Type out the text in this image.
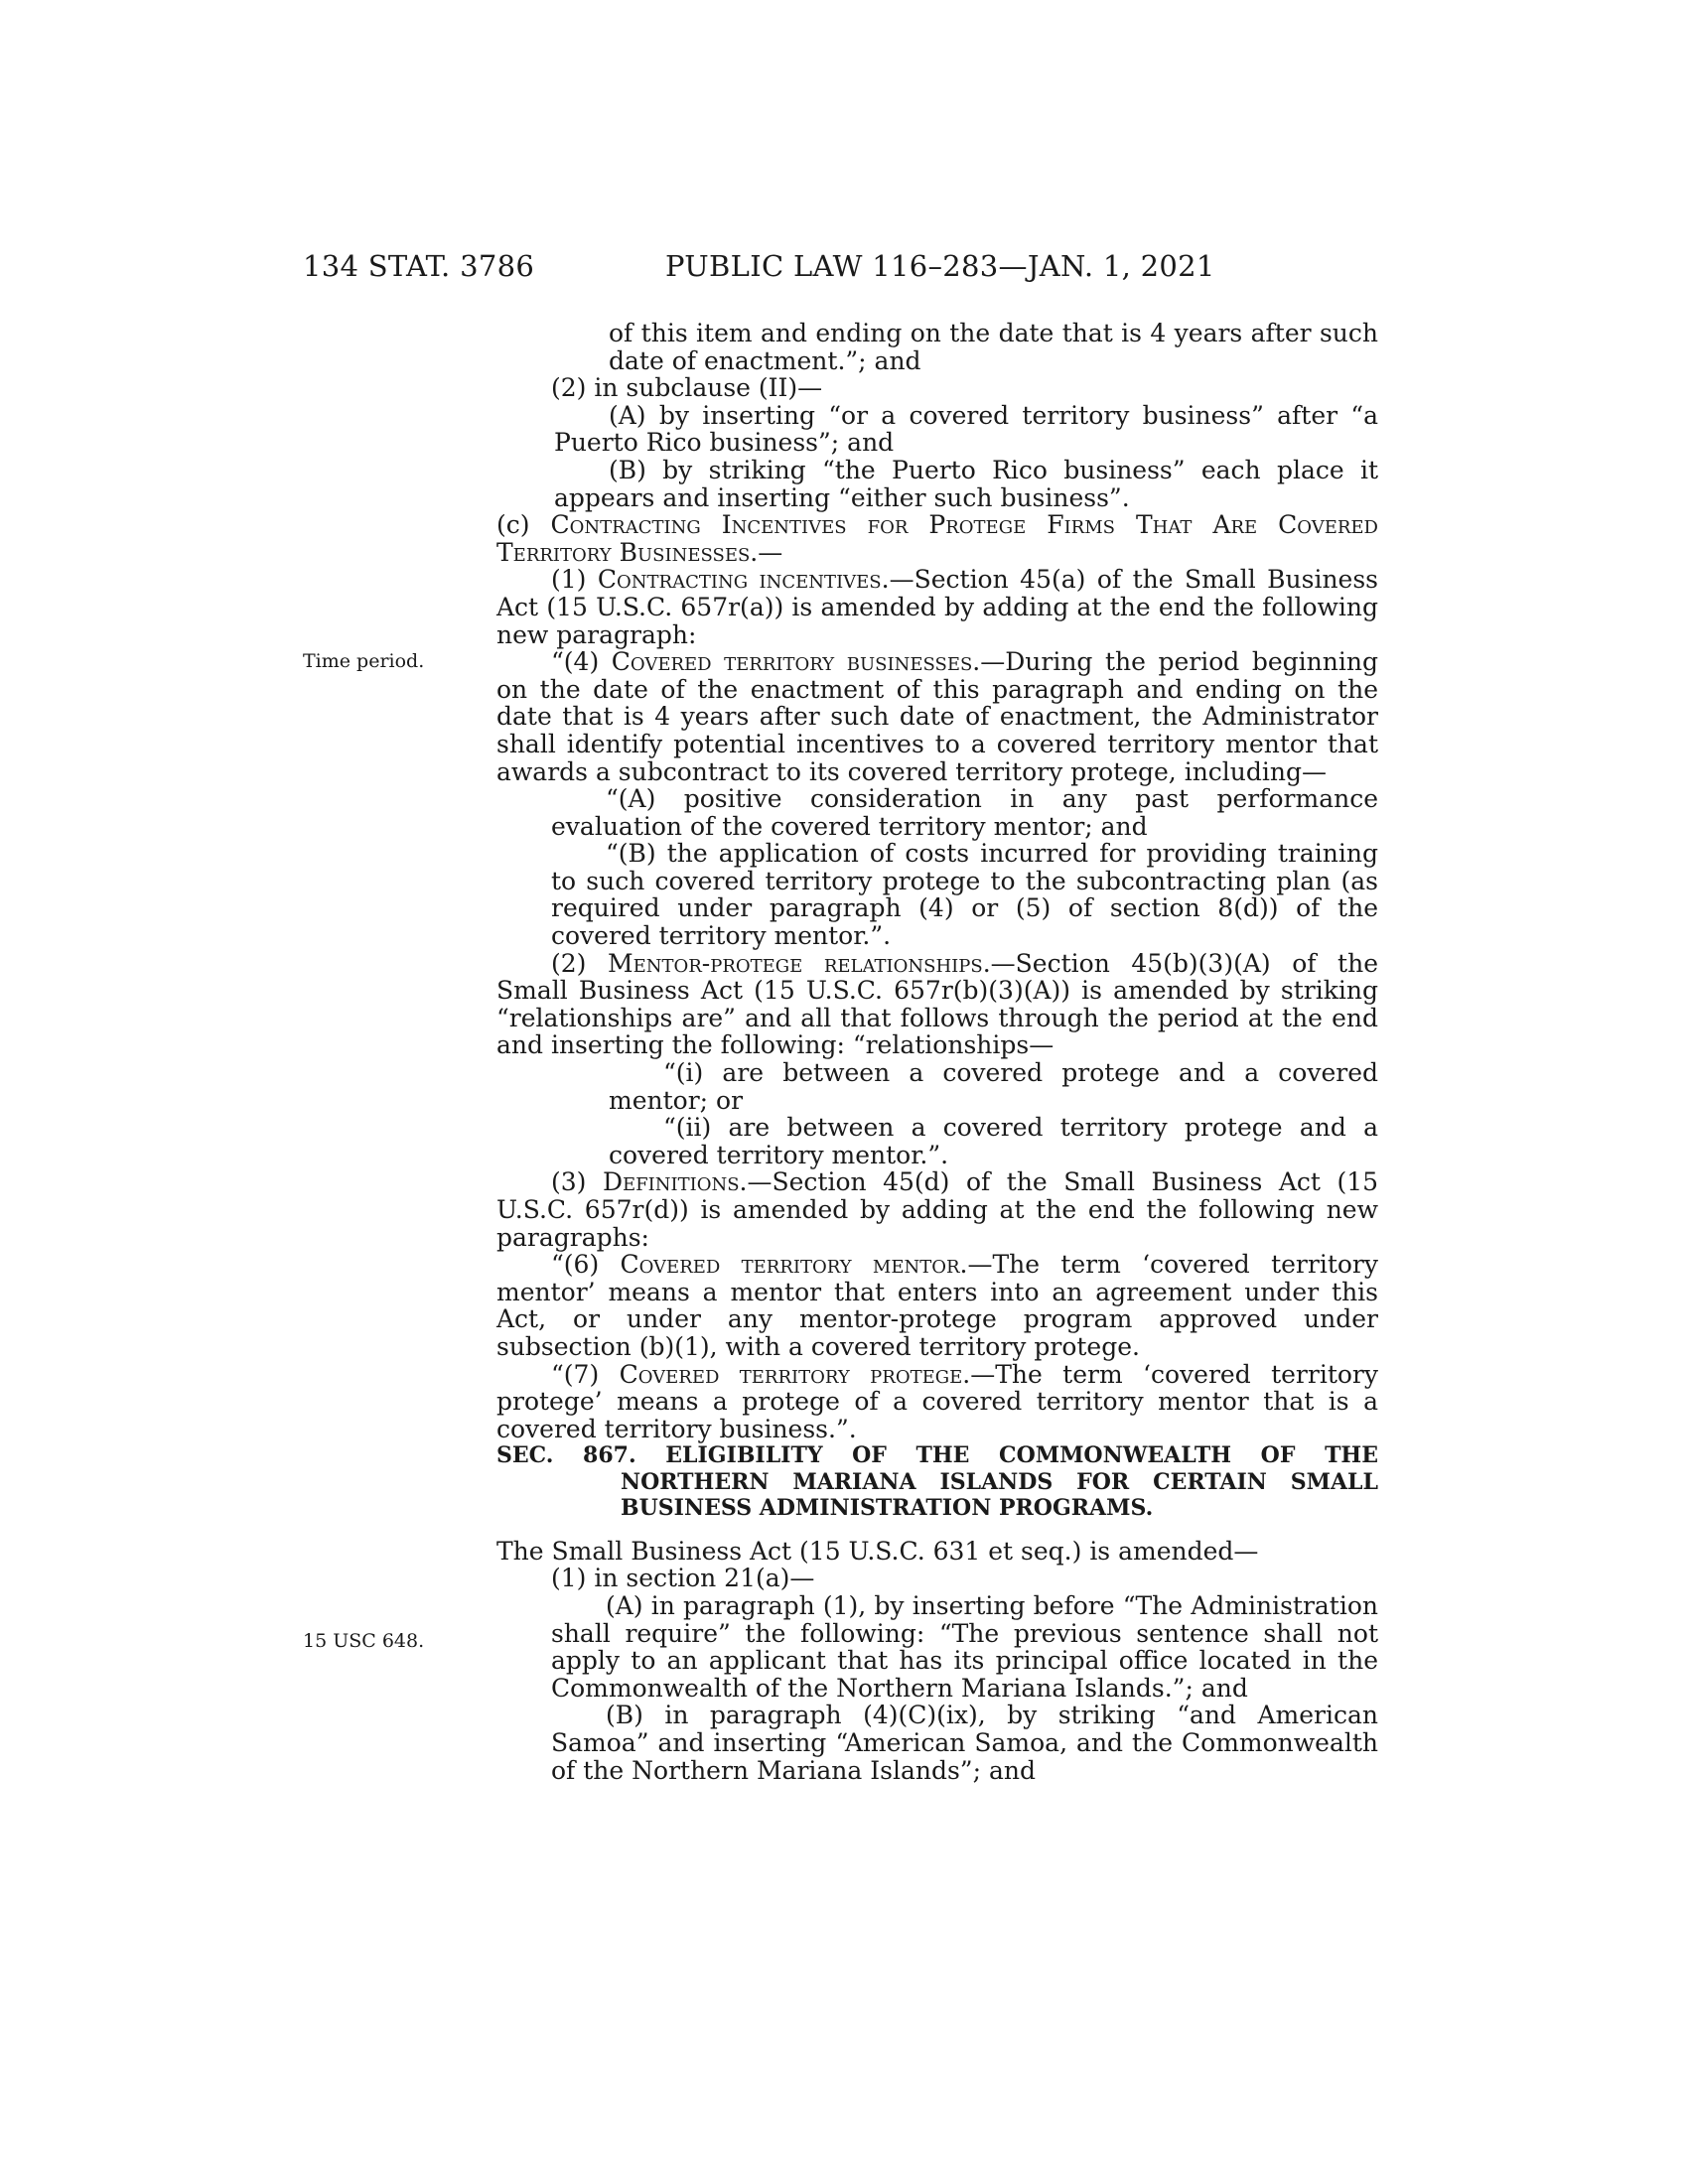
134 STAT. 3786	PUBLIC LAW 116–283—JAN. 1, 2021
Time period.
15 USC 648.

of this item and ending on the date that is 4 years after such date of enactment.”; and

(2) in subclause (II)—

(A) by inserting “or a covered territory business” after “a Puerto Rico business”; and

(B) by striking “the Puerto Rico business” each place it appears and inserting “either such business”.

(c) Contracting Incentives for Protege Firms That Are Covered Territory Businesses.—

(1) Contracting incentives.—Section 45(a) of the Small Business Act (15 U.S.C. 657r(a)) is amended by adding at the end the following new paragraph:

“(4) Covered territory businesses.—During the period beginning on the date of the enactment of this paragraph and ending on the date that is 4 years after such date of enactment, the Administrator shall identify potential incentives to a covered territory mentor that awards a subcontract to its covered territory protege, including—

“(A) positive consideration in any past performance evaluation of the covered territory mentor; and

“(B) the application of costs incurred for providing training to such covered territory protege to the subcontracting plan (as required under paragraph (4) or (5) of section 8(d)) of the covered territory mentor.”.

(2) Mentor-protege relationships.—Section 45(b)(3)(A) of the Small Business Act (15 U.S.C. 657r(b)(3)(A)) is amended by striking “relationships are” and all that follows through the period at the end and inserting the following: “relationships—

“(i) are between a covered protege and a covered mentor; or

“(ii) are between a covered territory protege and a covered territory mentor.”.

(3) Definitions.—Section 45(d) of the Small Business Act (15 U.S.C. 657r(d)) is amended by adding at the end the following new paragraphs:

“(6) Covered territory mentor.—The term ‘covered territory mentor’ means a mentor that enters into an agreement under this Act, or under any mentor-protege program approved under subsection (b)(1), with a covered territory protege.

“(7) Covered territory protege.—The term ‘covered territory protege’ means a protege of a covered territory mentor that is a covered territory business.”.

SEC. 867. ELIGIBILITY OF THE COMMONWEALTH OF THE NORTHERN MARIANA ISLANDS FOR CERTAIN SMALL BUSINESS ADMINISTRATION PROGRAMS.

The Small Business Act (15 U.S.C. 631 et seq.) is amended—

(1) in section 21(a)—

(A) in paragraph (1), by inserting before “The Administration shall require” the following: “The previous sentence shall not apply to an applicant that has its principal office located in the Commonwealth of the Northern Mariana Islands.”; and

(B) in paragraph (4)(C)(ix), by striking “and American Samoa” and inserting “American Samoa, and the Commonwealth of the Northern Mariana Islands”; and
